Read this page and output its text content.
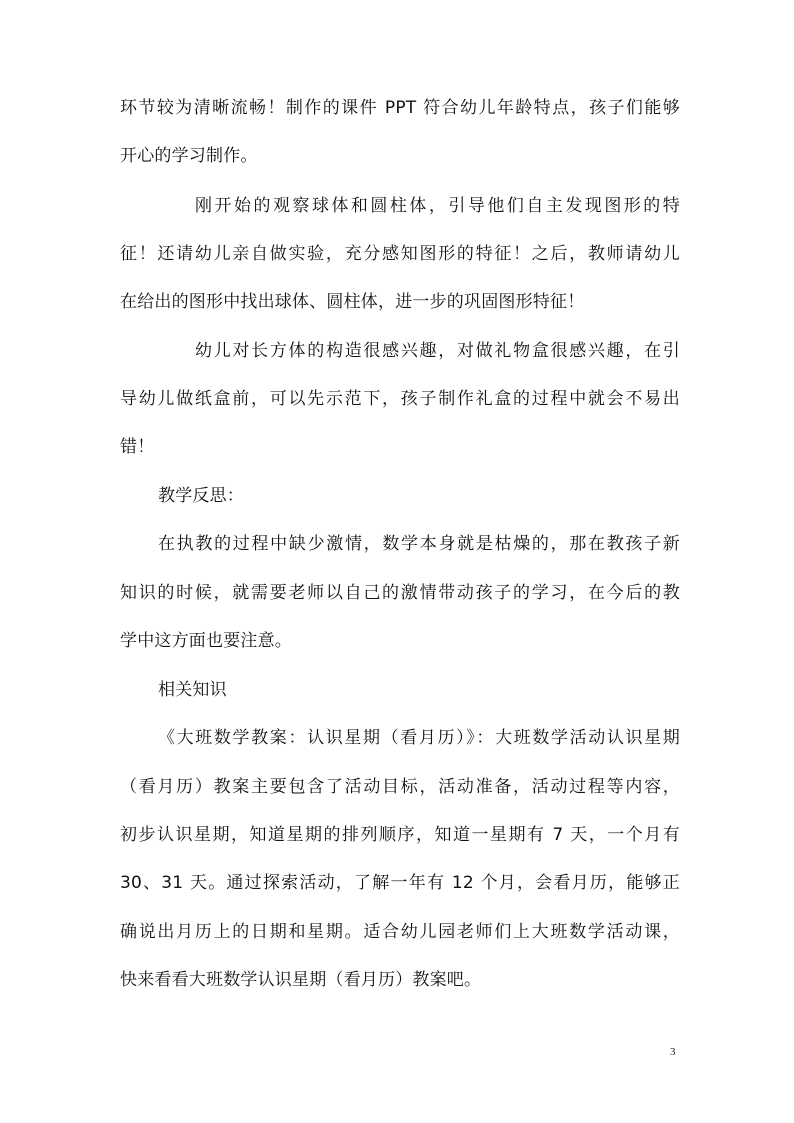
环节较为清晰流畅！制作的课件 PPT 符合幼儿年龄特点，孩子们能够
开心的学习制作。
刚开始的观察球体和圆柱体，引导他们自主发现图形的特
征！还请幼儿亲自做实验，充分感知图形的特征！之后，教师请幼儿
在给出的图形中找出球体、圆柱体，进一步的巩固图形特征！
幼儿对长方体的构造很感兴趣，对做礼物盒很感兴趣，在引
导幼儿做纸盒前，可以先示范下，孩子制作礼盒的过程中就会不易出
错！
教学反思：
在执教的过程中缺少激情，数学本身就是枯燥的，那在教孩子新
知识的时候，就需要老师以自己的激情带动孩子的学习，在今后的教
学中这方面也要注意。
相关知识
《大班数学教案：认识星期（看月历）》：大班数学活动认识星期
（看月历）教案主要包含了活动目标，活动准备，活动过程等内容，
初步认识星期，知道星期的排列顺序，知道一星期有 7 天，一个月有
30、31 天。通过探索活动，了解一年有 12 个月，会看月历，能够正
确说出月历上的日期和星期。适合幼儿园老师们上大班数学活动课，
快来看看大班数学认识星期（看月历）教案吧。
3
